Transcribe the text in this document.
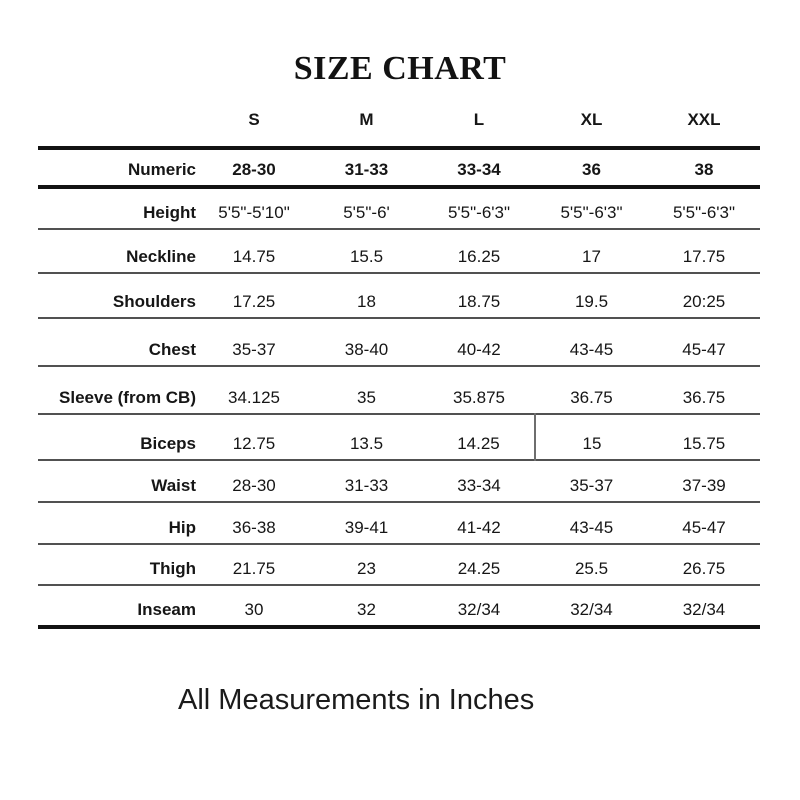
SIZE CHART
	S	M	L	XL	XXL
Numeric	28-30	31-33	33-34	36	38
Height	5'5"-5'10"	5'5"-6'	5'5"-6'3"	5'5"-6'3"	5'5"-6'3"
Neckline	14.75	15.5	16.25	17	17.75
Shoulders	17.25	18	18.75	19.5	20:25
Chest	35-37	38-40	40-42	43-45	45-47
Sleeve (from CB)	34.125	35	35.875	36.75	36.75
Biceps	12.75	13.5	14.25	15	15.75
Waist	28-30	31-33	33-34	35-37	37-39
Hip	36-38	39-41	41-42	43-45	45-47
Thigh	21.75	23	24.25	25.5	26.75
Inseam	30	32	32/34	32/34	32/34

All Measurements in Inches
